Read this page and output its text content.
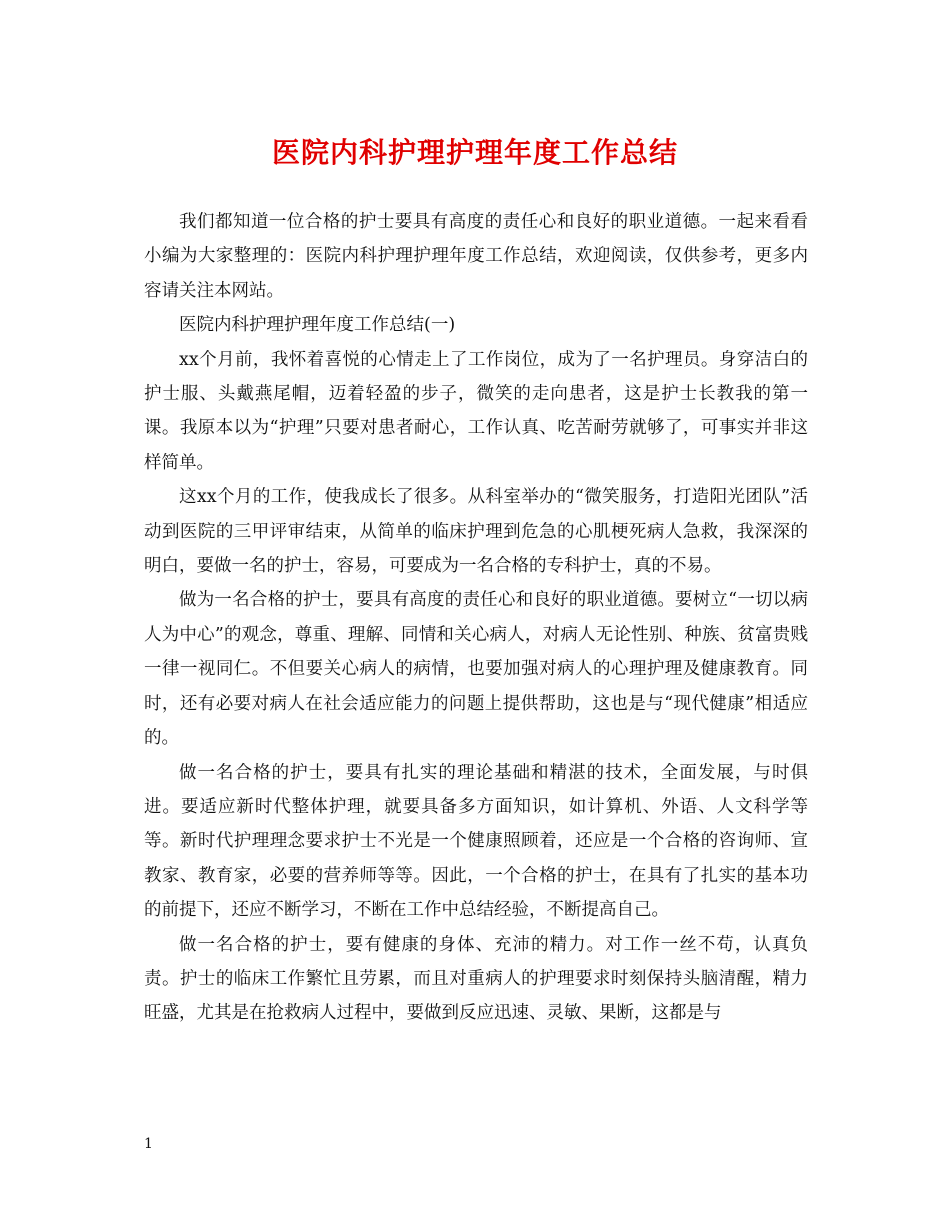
医院内科护理护理年度工作总结

我们都知道一位合格的护士要具有高度的责任心和良好的职业道德。一起来看看小编为大家整理的：医院内科护理护理年度工作总结，欢迎阅读，仅供参考，更多内容请关注本网站。

医院内科护理护理年度工作总结(一)

xx个月前，我怀着喜悦的心情走上了工作岗位，成为了一名护理员。身穿洁白的护士服、头戴燕尾帽，迈着轻盈的步子，微笑的走向患者，这是护士长教我的第一课。我原本以为“护理”只要对患者耐心，工作认真、吃苦耐劳就够了，可事实并非这样简单。

这xx个月的工作，使我成长了很多。从科室举办的“微笑服务，打造阳光团队”活动到医院的三甲评审结束，从简单的临床护理到危急的心肌梗死病人急救，我深深的明白，要做一名的护士，容易，可要成为一名合格的专科护士，真的不易。

做为一名合格的护士，要具有高度的责任心和良好的职业道德。要树立“一切以病人为中心”的观念，尊重、理解、同情和关心病人，对病人无论性别、种族、贫富贵贱一律一视同仁。不但要关心病人的病情，也要加强对病人的心理护理及健康教育。同时，还有必要对病人在社会适应能力的问题上提供帮助，这也是与“现代健康”相适应的。

做一名合格的护士，要具有扎实的理论基础和精湛的技术，全面发展，与时俱进。要适应新时代整体护理，就要具备多方面知识，如计算机、外语、人文科学等等。新时代护理理念要求护士不光是一个健康照顾着，还应是一个合格的咨询师、宣教家、教育家，必要的营养师等等。因此，一个合格的护士，在具有了扎实的基本功的前提下，还应不断学习，不断在工作中总结经验，不断提高自己。

做一名合格的护士，要有健康的身体、充沛的精力。对工作一丝不苟，认真负责。护士的临床工作繁忙且劳累，而且对重病人的护理要求时刻保持头脑清醒，精力旺盛，尤其是在抢救病人过程中，要做到反应迅速、灵敏、果断，这都是与

1
